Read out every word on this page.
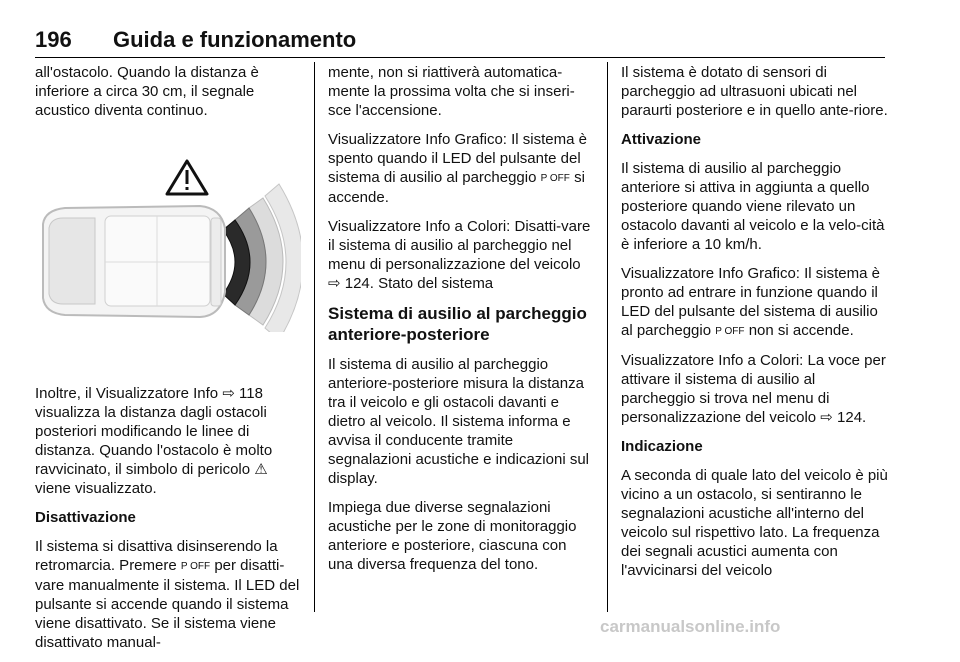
196 Guida e funzionamento

all'ostacolo. Quando la distanza è inferiore a circa 30 cm, il segnale acustico diventa continuo.

Inoltre, il Visualizzatore Info ⇨ 118 visualizza la distanza dagli ostacoli posteriori modificando le linee di distanza. Quando l'ostacolo è molto ravvicinato, il simbolo di pericolo ⚠ viene visualizzato.

Disattivazione

Il sistema si disattiva disinserendo la retromarcia. Premere P OFF per disatti-vare manualmente il sistema. Il LED del pulsante si accende quando il sistema viene disattivato. Se il sistema viene disattivato manual-

mente, non si riattiverà automatica-mente la prossima volta che si inseri-sce l'accensione.

Visualizzatore Info Grafico: Il sistema è spento quando il LED del pulsante del sistema di ausilio al parcheggio P OFF si accende.

Visualizzatore Info a Colori: Disatti-vare il sistema di ausilio al parcheggio nel menu di personalizzazione del veicolo ⇨ 124. Stato del sistema

Sistema di ausilio al parcheggio anteriore-posteriore

Il sistema di ausilio al parcheggio anteriore-posteriore misura la distanza tra il veicolo e gli ostacoli davanti e dietro al veicolo. Il sistema informa e avvisa il conducente tramite segnalazioni acustiche e indicazioni sul display.

Impiega due diverse segnalazioni acustiche per le zone di monitoraggio anteriore e posteriore, ciascuna con una diversa frequenza del tono.

Il sistema è dotato di sensori di parcheggio ad ultrasuoni ubicati nel paraurti posteriore e in quello ante-riore.

Attivazione

Il sistema di ausilio al parcheggio anteriore si attiva in aggiunta a quello posteriore quando viene rilevato un ostacolo davanti al veicolo e la velo-cità è inferiore a 10 km/h.

Visualizzatore Info Grafico: Il sistema è pronto ad entrare in funzione quando il LED del pulsante del sistema di ausilio al parcheggio P OFF non si accende.

Visualizzatore Info a Colori: La voce per attivare il sistema di ausilio al parcheggio si trova nel menu di personalizzazione del veicolo ⇨ 124.

Indicazione

A seconda di quale lato del veicolo è più vicino a un ostacolo, si sentiranno le segnalazioni acustiche all'interno del veicolo sul rispettivo lato. La frequenza dei segnali acustici aumenta con l'avvicinarsi del veicolo

carmanualsonline.info
